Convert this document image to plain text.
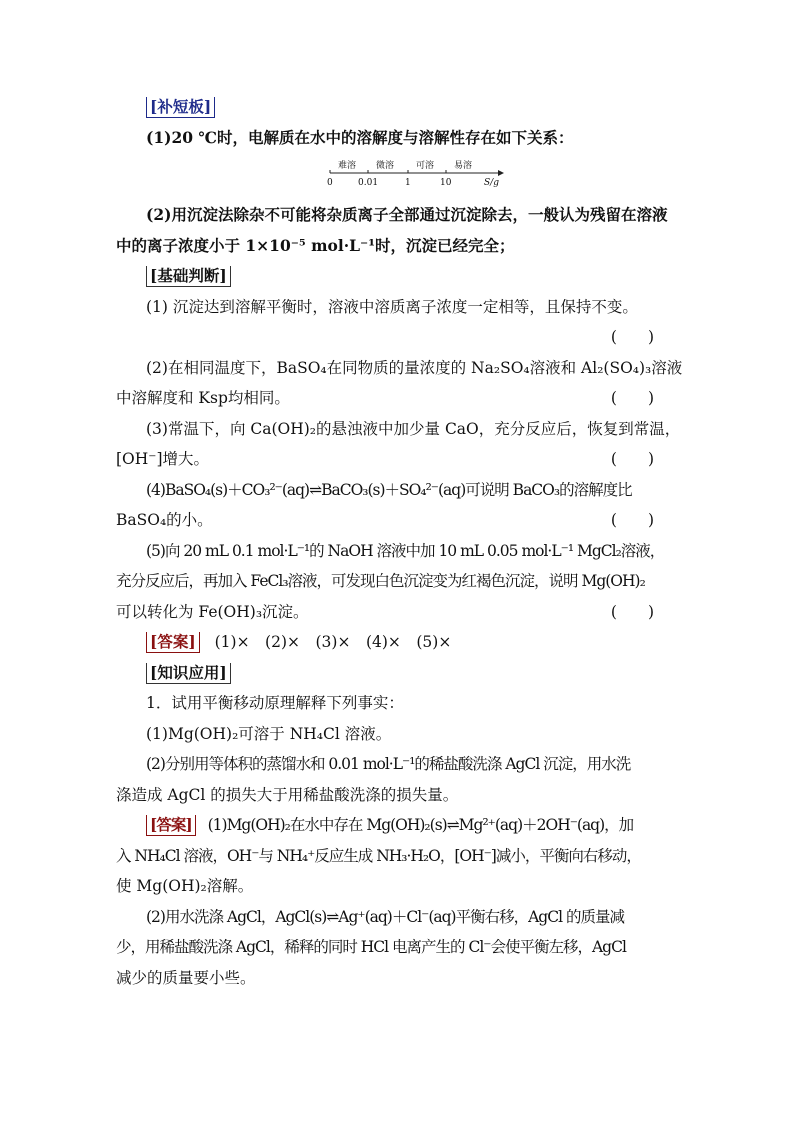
[补短板]
(1)20 ℃时，电解质在水中的溶解度与溶解性存在如下关系：
难溶 微溶 可溶 易溶
0	0.01	1	10	S/g
(2)用沉淀法除杂不可能将杂质离子全部通过沉淀除去，一般认为残留在溶液
中的离子浓度小于 1×10⁻⁵ mol·L⁻¹时，沉淀已经完全；
[基础判断]
(1) 沉淀达到溶解平衡时，溶液中溶质离子浓度一定相等，且保持不变。
(　　)
(2)在相同温度下，BaSO₄在同物质的量浓度的 Na₂SO₄溶液和 Al₂(SO₄)₃溶液
中溶解度和 Ksp均相同。	(　　)
(3)常温下，向 Ca(OH)₂的悬浊液中加少量 CaO，充分反应后，恢复到常温，
[OH⁻]增大。	(　　)
(4)BaSO₄(s)＋CO₃²⁻(aq)⇌BaCO₃(s)＋SO₄²⁻(aq)可说明 BaCO₃的溶解度比
BaSO₄的小。	(　　)
(5)向 20 mL 0.1 mol·L⁻¹的 NaOH 溶液中加 10 mL 0.05 mol·L⁻¹ MgCl₂溶液，
充分反应后，再加入 FeCl₃溶液，可发现白色沉淀变为红褐色沉淀，说明 Mg(OH)₂
可以转化为 Fe(OH)₃沉淀。	(　　)
[答案] (1)×　(2)×　(3)×　(4)×　(5)×
[知识应用]
1．试用平衡移动原理解释下列事实：
(1)Mg(OH)₂可溶于 NH₄Cl 溶液。
(2)分别用等体积的蒸馏水和 0.01 mol·L⁻¹的稀盐酸洗涤 AgCl 沉淀，用水洗
涤造成 AgCl 的损失大于用稀盐酸洗涤的损失量。
[答案] (1)Mg(OH)₂在水中存在 Mg(OH)₂(s)⇌Mg²⁺(aq)＋2OH⁻(aq)，加
入 NH₄Cl 溶液，OH⁻与 NH₄⁺反应生成 NH₃·H₂O，[OH⁻]减小，平衡向右移动，
使 Mg(OH)₂溶解。
(2)用水洗涤 AgCl，AgCl(s)⇌Ag⁺(aq)＋Cl⁻(aq)平衡右移，AgCl 的质量减
少，用稀盐酸洗涤 AgCl，稀释的同时 HCl 电离产生的 Cl⁻会使平衡左移，AgCl
减少的质量要小些。
